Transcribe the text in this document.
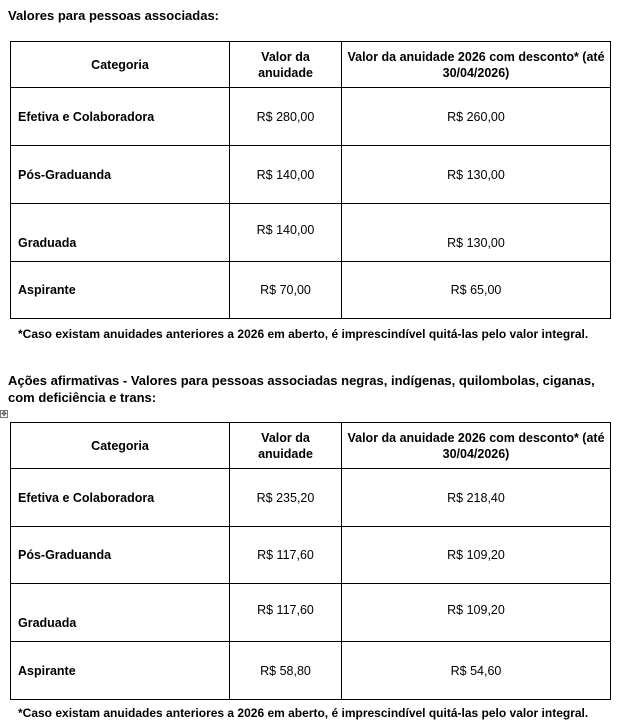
Valores para pessoas associadas:

Categoria	Valor da anuidade	Valor da anuidade 2026 com desconto* (até 30/04/2026)
Efetiva e Colaboradora	R$ 280,00	R$ 260,00
Pós-Graduanda	R$ 140,00	R$ 130,00
Graduada	R$ 140,00	R$ 130,00
Aspirante	R$ 70,00	R$ 65,00

*Caso existam anuidades anteriores a 2026 em aberto, é imprescindível quitá-las pelo valor integral.

Ações afirmativas - Valores para pessoas associadas negras, indígenas, quilombolas, ciganas, com deficiência e trans:

✥
Categoria	Valor da anuidade	Valor da anuidade 2026 com desconto* (até 30/04/2026)
Efetiva e Colaboradora	R$ 235,20	R$ 218,40
Pós-Graduanda	R$ 117,60	R$ 109,20
Graduada	R$ 117,60	R$ 109,20
Aspirante	R$ 58,80	R$ 54,60

*Caso existam anuidades anteriores a 2026 em aberto, é imprescindível quitá-las pelo valor integral.
